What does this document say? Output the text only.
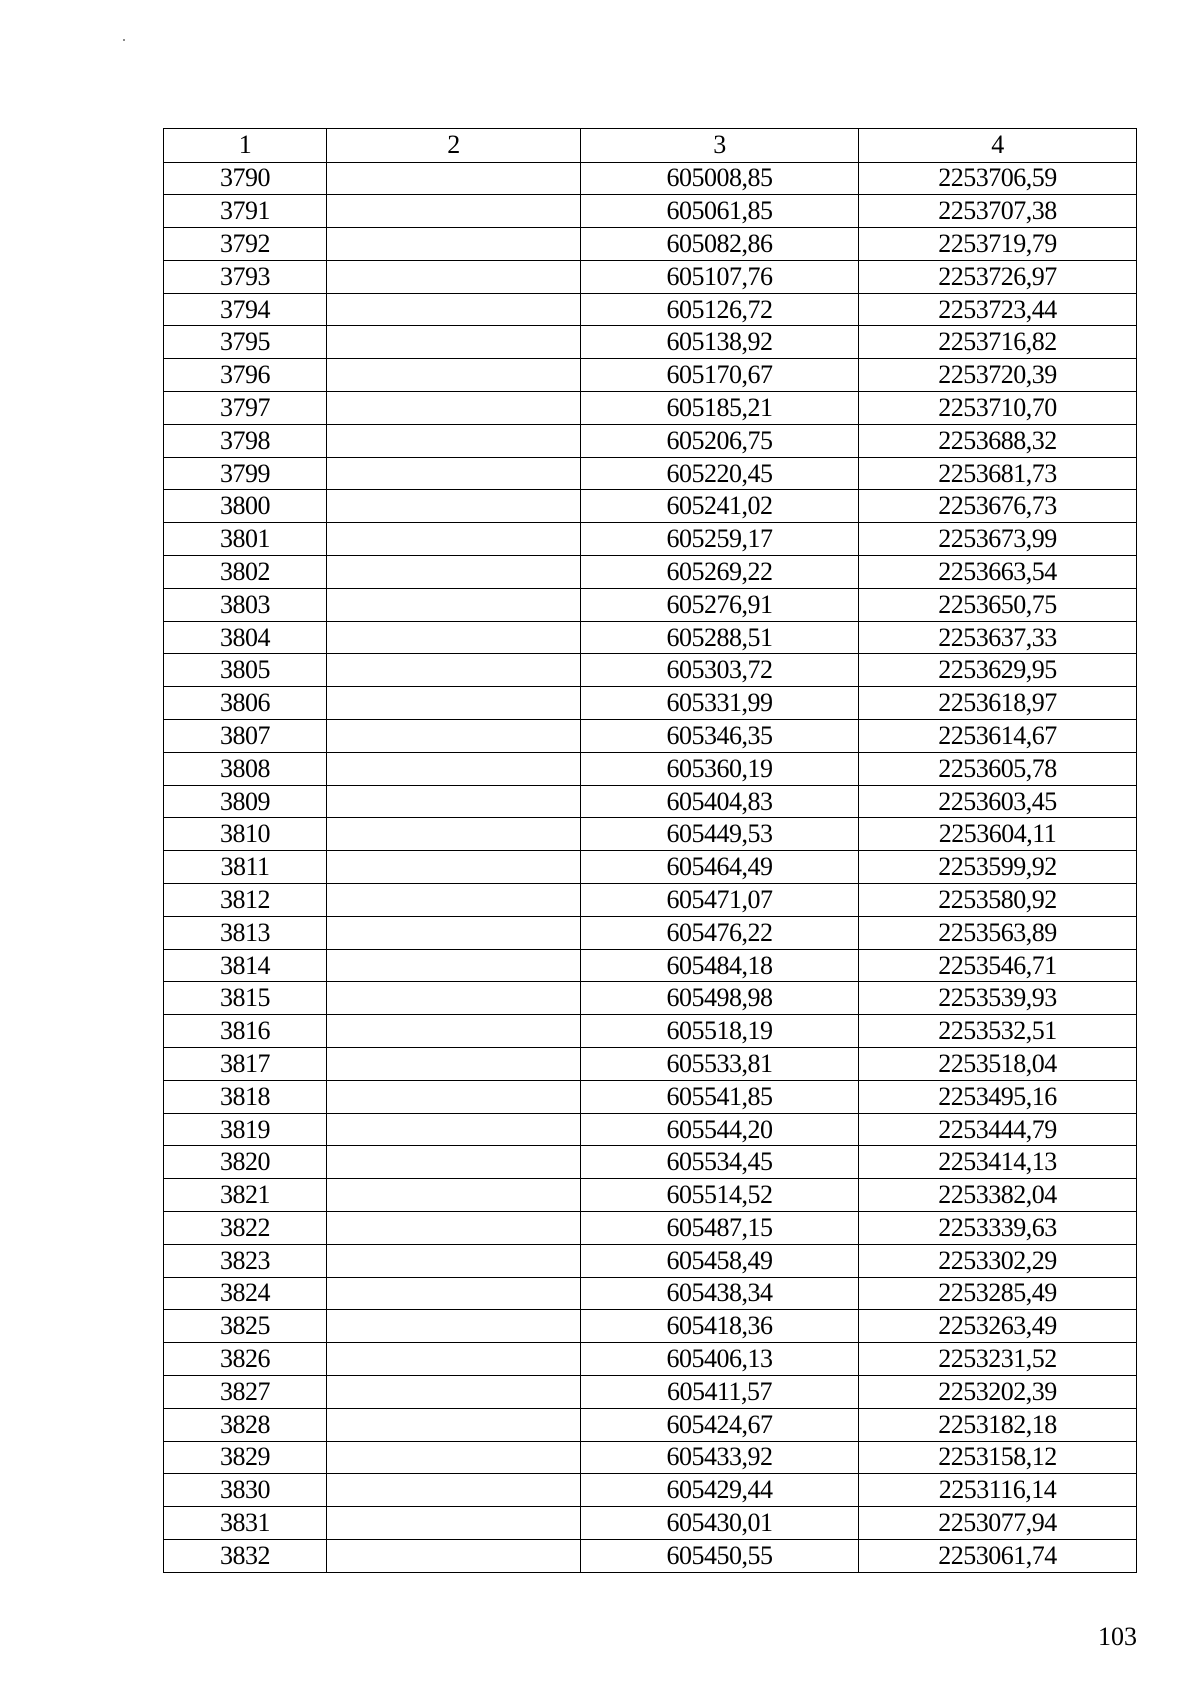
1	2	3	4
3790		605008,85	2253706,59
3791		605061,85	2253707,38
3792		605082,86	2253719,79
3793		605107,76	2253726,97
3794		605126,72	2253723,44
3795		605138,92	2253716,82
3796		605170,67	2253720,39
3797		605185,21	2253710,70
3798		605206,75	2253688,32
3799		605220,45	2253681,73
3800		605241,02	2253676,73
3801		605259,17	2253673,99
3802		605269,22	2253663,54
3803		605276,91	2253650,75
3804		605288,51	2253637,33
3805		605303,72	2253629,95
3806		605331,99	2253618,97
3807		605346,35	2253614,67
3808		605360,19	2253605,78
3809		605404,83	2253603,45
3810		605449,53	2253604,11
3811		605464,49	2253599,92
3812		605471,07	2253580,92
3813		605476,22	2253563,89
3814		605484,18	2253546,71
3815		605498,98	2253539,93
3816		605518,19	2253532,51
3817		605533,81	2253518,04
3818		605541,85	2253495,16
3819		605544,20	2253444,79
3820		605534,45	2253414,13
3821		605514,52	2253382,04
3822		605487,15	2253339,63
3823		605458,49	2253302,29
3824		605438,34	2253285,49
3825		605418,36	2253263,49
3826		605406,13	2253231,52
3827		605411,57	2253202,39
3828		605424,67	2253182,18
3829		605433,92	2253158,12
3830		605429,44	2253116,14
3831		605430,01	2253077,94
3832		605450,55	2253061,74
103
